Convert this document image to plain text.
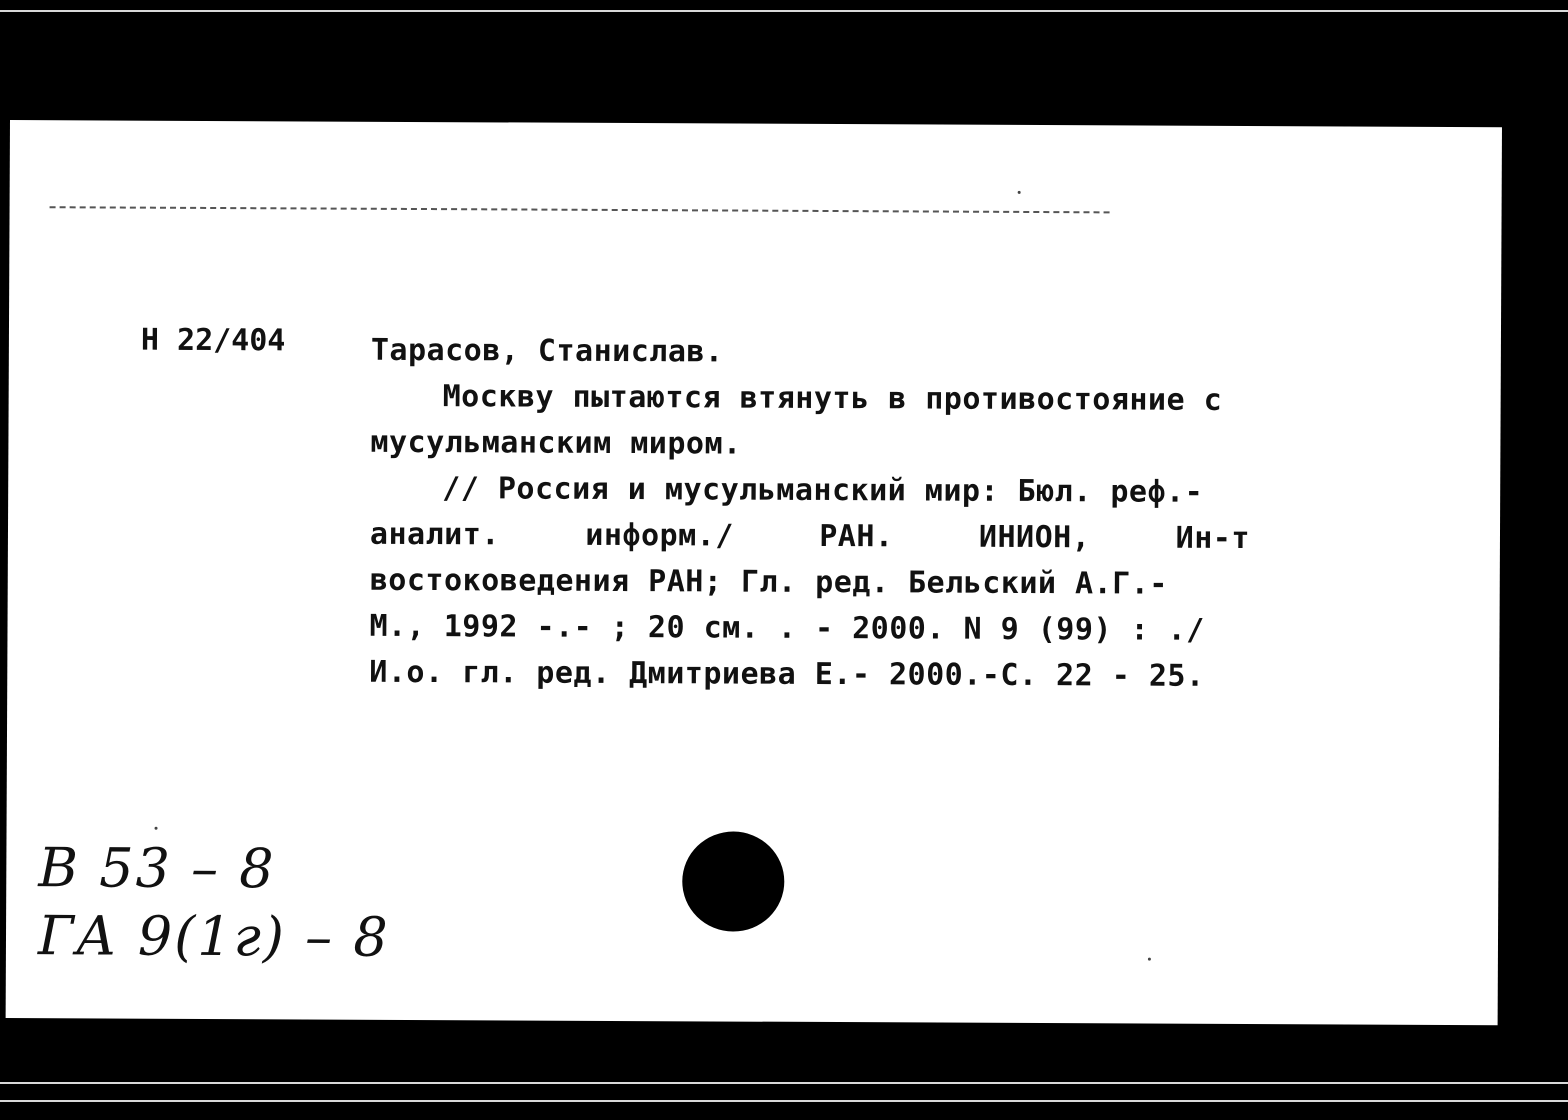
Н 22/404	Тарасов, Станислав.
Москву пытаются втянуть в противостояние с
мусульманским миром.
// Россия и мусульманский мир: Бюл. реф.-
аналит. информ./ РАН. ИНИОН, Ин-т
востоковедения РАН; Гл. ред. Бельский А.Г.-
М., 1992 -.- ; 20 см. . - 2000. N 9 (99) : ./
И.о. гл. ред. Дмитриева Е.- 2000.-С. 22 - 25.
В 53 – 8
ГА 9(1г) – 8
